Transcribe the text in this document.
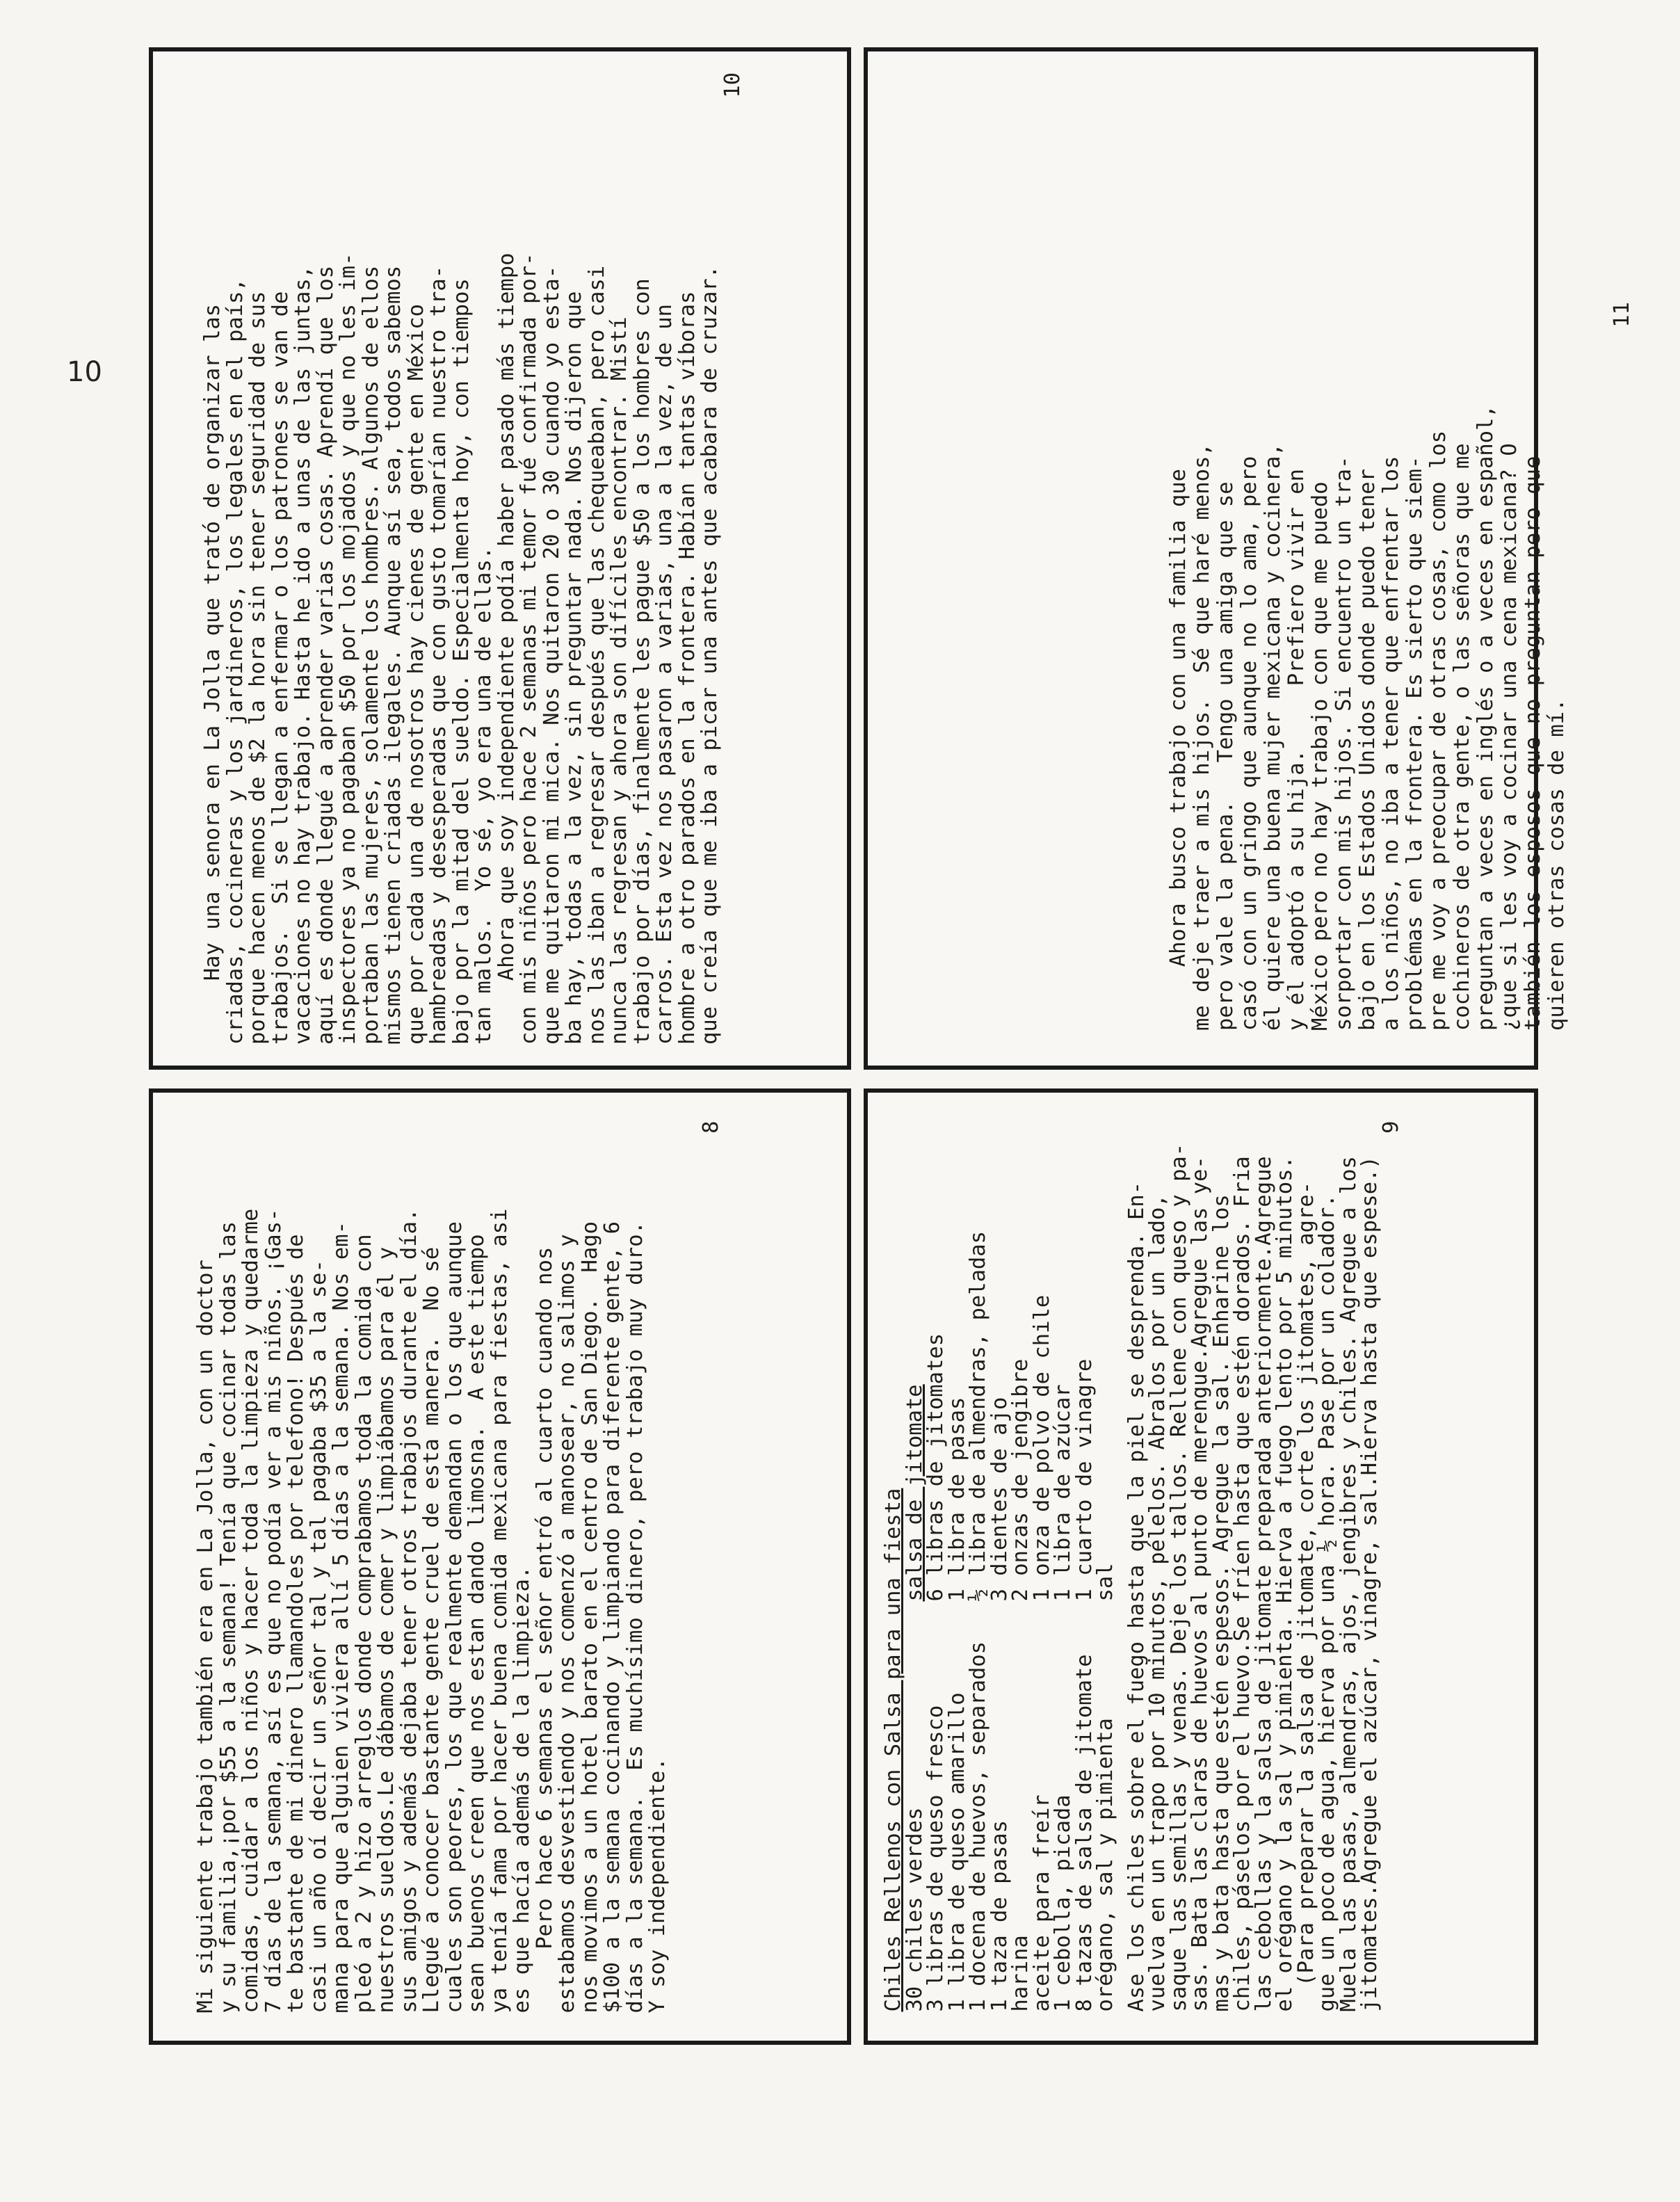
10
Mi siguiente trabajo también era en La Jolla, con un doctor
y su familia,¡por $55 a la semana! Tenía que cocinar todas las
comidas, cuidar a los niños y hacer toda la limpieza y quedarme
7 días de la semana, así es que no podía ver a mis niños. ¡Gas-
te bastante de mi dinero llamandoles por telefono! Después de
casi un año oí decir un señor tal y tal pagaba $35 a la se-
mana para que alguien viviera allí 5 días a la semana. Nos em-
pleó a 2 y hizo arreglos donde comprabamos toda la comida con
nuestros sueldos.Le dábamos de comer y limpiábamos para él y
sus amigos y además dejaba tener otros trabajos durante el día.
Llegué a conocer bastante gente cruel de esta manera.  No sé
cuales son peores, los que realmente demandan o los que aunque
sean buenos creen que nos estan dando limosna.  A este tiempo
ya tenía fama por hacer buena comida mexicana para fiestas, asi
es que hacía además de la limpieza.
Pero hace 6 semanas el señor entró al cuarto cuando nos
estabamos desvestiendo y nos comenzó a manosear, no salimos y
nos movimos a un hotel barato en el centro de San Diego.  Hago
$100 a la semana cocinando y limpiando para diferente gente, 6
días a la semana.  Es muchísimo dinero, pero trabajo muy duro.
Y soy independiente.
8
Chiles Rellenos con Salsa para una fiesta
30 chiles verdes
salsa de jitomate
3 libras de queso fresco
6 libras de jitomates
1 libra de queso amarillo
1 libra de pasas
1 docena de huevos, separados
½ libra de almendras, peladas
1 taza de pasas
3 dientes de ajo
harina
2 onzas de jengibre
aceite para freír
1 onza de polvo de chile
1 cebolla, picada
1 libra de azúcar
8 tazas de salsa de jitomate
1 cuarto de vinagre
orégano, sal y pimienta
sal Ase los chiles sobre el fuego hasta que la piel se desprenda. En-
vuelva en un trapo por 10 minutos, pélelos. Abralos por un lado,
saque las semillas y venas. Deje los tallos. Rellene con queso y pa-
sas. Bata las claras de huevos al punto de merengue.Agregue las ye-
mas y bata hasta que estén espesos. Agregue la sal. Enharine los
chiles, páselos por el huevo.Se fríen hasta que estén dorados. Fria
las cebollas y la salsa de jitomate preparada anteriormente.Agregue
el orégano y la sal y pimienta. Hierva a fuego lento por 5 minutos.
(Para preparar la salsa de jitomate, corte los jitomates, agre-
gue un poco de agua, hierva por una ½ hora. Pase por un colador.
Muela las pasas, almendras, ajos, jengibres y chiles. Agregue a los
jitomates.Agregue el azúcar, vinagre, sal.Hierva hasta que espese.)
9
Hay una senora en La Jolla que trató de organizar las
criadas, cocineras y los jardineros, los legales en el país,
porque hacen menos de $2 la hora sin tener seguridad de sus
trabajos.  Si se llegan a enfermar o los patrones se van de
vacaciones no hay trabajo. Hasta he ido a unas de las juntas,
aquí es donde llegué a aprender varias cosas. Aprendí que los
inspectores ya no pagaban $50 por los mojados y que no les im-
portaban las mujeres, solamente los hombres. Algunos de ellos
mismos tienen criadas ilegales. Aunque así sea, todos sabemos
que por cada una de nosotros hay cienes de gente en México
hambreadas y desesperadas que con gusto tomarían nuestro tra-
bajo por la mitad del sueldo. Especialmenta hoy, con tiempos
tan malos.  Yo sé, yo era una de ellas.
Ahora que soy independiente podía haber pasado más tiempo
con mis niños pero hace 2 semanas mi temor fué confirmada por-
que me quitaron mi mica. Nos quitaron 20 o 30 cuando yo esta-
ba hay, todas a la vez, sin preguntar nada. Nos dijeron que
nos las iban a regresar después que las chequeaban, pero casi
nunca las regresan y ahora son difíciles encontrar. Mistí
trabajo por días, finalmente les pague $50 a los hombres con
carros. Esta vez nos pasaron a varias, una a la vez, de un
hombre a otro parados en la frontera. Habían tantas víboras
que creía que me iba a picar una antes que acabara de cruzar.
10
Ahora busco trabajo con una familia que me deje traer a mis hijos.  Sé que haré menos, pero vale la pena.   Tengo una amiga que se casó con un gringo que aunque no lo ama, pero él quiere una buena mujer mexicana y cocinera, y él adoptó a su hija.     Prefiero vivir en México pero no hay trabajo con que me puedo sorportar con mis hijos. Si encuentro un tra- bajo en los Estados Unidos donde puedo tener a los niños, no iba a tener que enfrentar los problémas en la frontera. Es sierto que siem- pre me voy a preocupar de otras cosas, como los cochineros de otra gente, o las señoras que me preguntan a veces en inglés o a veces en español, ¿que si les voy a cocinar una cena mexicana? O también los esposos que no preguntan pero que quieren otras cosas de mí.
11
